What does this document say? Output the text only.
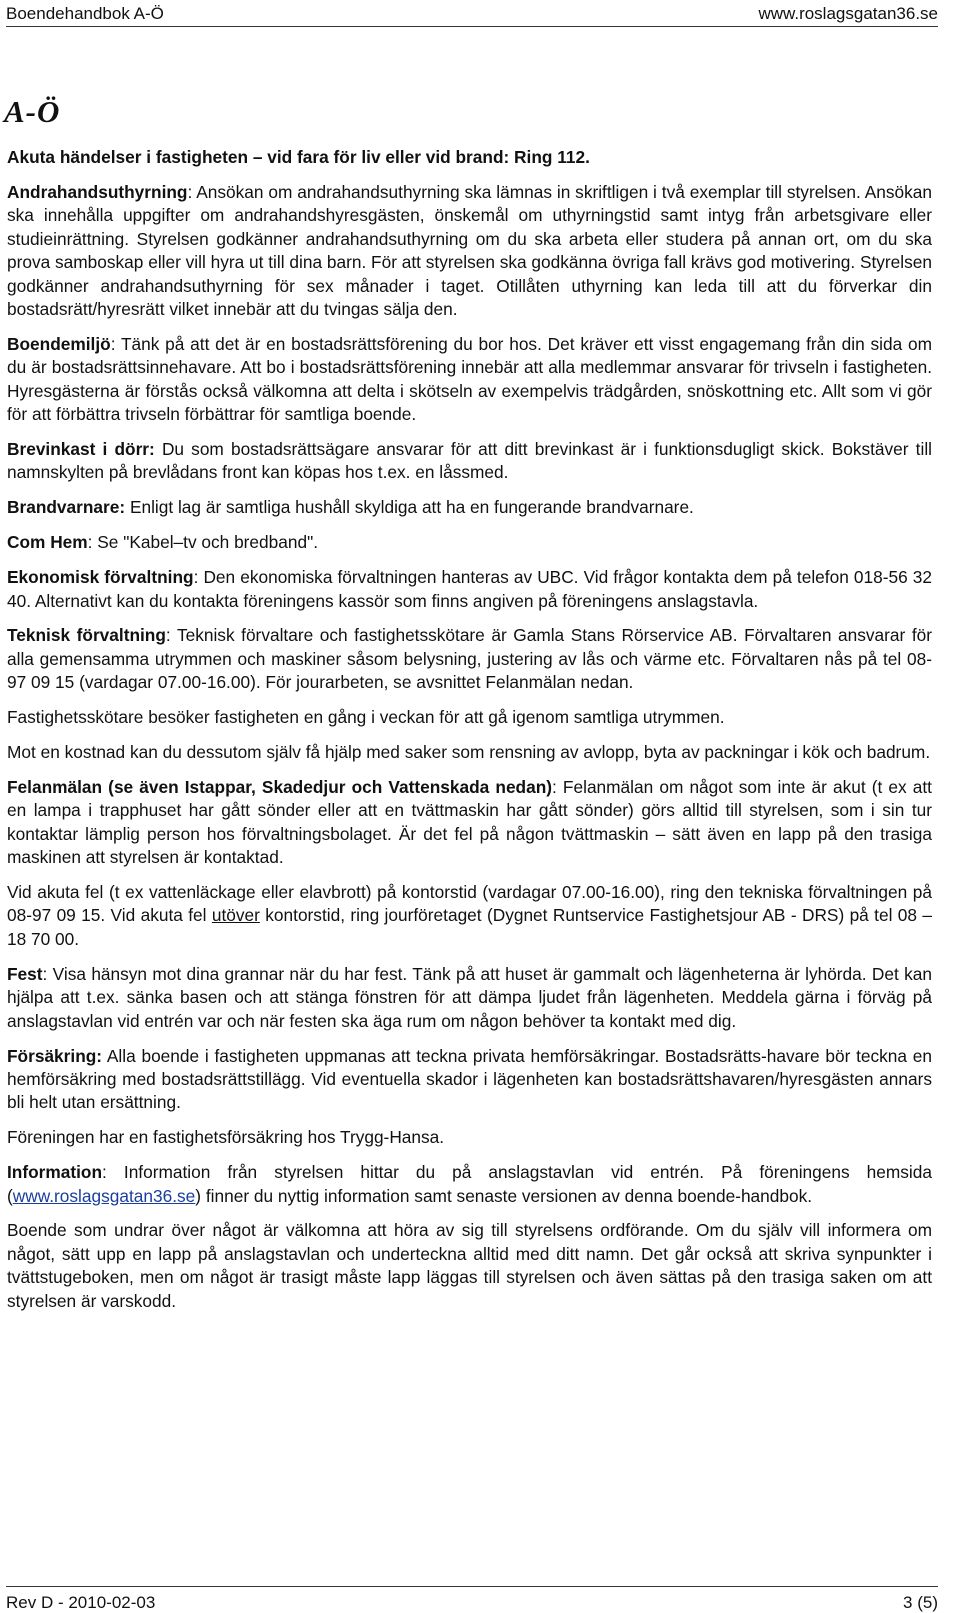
Boendehandbok A-Ö	www.roslagsgatan36.se
A-Ö

Akuta händelser i fastigheten – vid fara för liv eller vid brand: Ring 112.

Andrahandsuthyrning: Ansökan om andrahandsuthyrning ska lämnas in skriftligen i två exemplar till styrelsen. Ansökan ska innehålla uppgifter om andrahandshyresgästen, önskemål om uthyrningstid samt intyg från arbetsgivare eller studieinrättning. Styrelsen godkänner andrahandsuthyrning om du ska arbeta eller studera på annan ort, om du ska prova samboskap eller vill hyra ut till dina barn. För att styrelsen ska godkänna övriga fall krävs god motivering. Styrelsen godkänner andrahandsuthyrning för sex månader i taget. Otillåten uthyrning kan leda till att du förverkar din bostadsrätt/hyresrätt vilket innebär att du tvingas sälja den.

Boendemiljö: Tänk på att det är en bostadsrättsförening du bor hos. Det kräver ett visst engagemang från din sida om du är bostadsrättsinnehavare. Att bo i bostadsrättsförening innebär att alla medlemmar ansvarar för trivseln i fastigheten. Hyresgästerna är förstås också välkomna att delta i skötseln av exempelvis trädgården, snöskottning etc. Allt som vi gör för att förbättra trivseln förbättrar för samtliga boende.

Brevinkast i dörr: Du som bostadsrättsägare ansvarar för att ditt brevinkast är i funktionsdugligt skick. Bokstäver till namnskylten på brevlådans front kan köpas hos t.ex. en låssmed.

Brandvarnare: Enligt lag är samtliga hushåll skyldiga att ha en fungerande brandvarnare.

Com Hem: Se "Kabel–tv och bredband".

Ekonomisk förvaltning: Den ekonomiska förvaltningen hanteras av UBC. Vid frågor kontakta dem på telefon 018-56 32 40. Alternativt kan du kontakta föreningens kassör som finns angiven på föreningens anslagstavla.

Teknisk förvaltning: Teknisk förvaltare och fastighetsskötare är Gamla Stans Rörservice AB. Förvaltaren ansvarar för alla gemensamma utrymmen och maskiner såsom belysning, justering av lås och värme etc. Förvaltaren nås på tel 08-97 09 15 (vardagar 07.00-16.00). För jourarbeten, se avsnittet Felanmälan nedan.

Fastighetsskötare besöker fastigheten en gång i veckan för att gå igenom samtliga utrymmen.

Mot en kostnad kan du dessutom själv få hjälp med saker som rensning av avlopp, byta av packningar i kök och badrum.

Felanmälan (se även Istappar, Skadedjur och Vattenskada nedan): Felanmälan om något som inte är akut (t ex att en lampa i trapphuset har gått sönder eller att en tvättmaskin har gått sönder) görs alltid till styrelsen, som i sin tur kontaktar lämplig person hos förvaltningsbolaget. Är det fel på någon tvättmaskin – sätt även en lapp på den trasiga maskinen att styrelsen är kontaktad.

Vid akuta fel (t ex vattenläckage eller elavbrott) på kontorstid (vardagar 07.00-16.00), ring den tekniska förvaltningen på 08-97 09 15. Vid akuta fel utöver kontorstid, ring jourföretaget (Dygnet Runtservice Fastighetsjour AB - DRS) på tel 08 – 18 70 00.

Fest: Visa hänsyn mot dina grannar när du har fest. Tänk på att huset är gammalt och lägenheterna är lyhörda. Det kan hjälpa att t.ex. sänka basen och att stänga fönstren för att dämpa ljudet från lägenheten. Meddela gärna i förväg på anslagstavlan vid entrén var och när festen ska äga rum om någon behöver ta kontakt med dig.

Försäkring: Alla boende i fastigheten uppmanas att teckna privata hemförsäkringar. Bostadsrätts-havare bör teckna en hemförsäkring med bostadsrättstillägg. Vid eventuella skador i lägenheten kan bostadsrättshavaren/hyresgästen annars bli helt utan ersättning.

Föreningen har en fastighetsförsäkring hos Trygg-Hansa.

Information: Information från styrelsen hittar du på anslagstavlan vid entrén. På föreningens hemsida (www.roslagsgatan36.se) finner du nyttig information samt senaste versionen av denna boende-handbok.

Boende som undrar över något är välkomna att höra av sig till styrelsens ordförande. Om du själv vill informera om något, sätt upp en lapp på anslagstavlan och underteckna alltid med ditt namn. Det går också att skriva synpunkter i tvättstugeboken, men om något är trasigt måste lapp läggas till styrelsen och även sättas på den trasiga saken om att styrelsen är varskodd.

Rev D - 2010-02-03	3 (5)
